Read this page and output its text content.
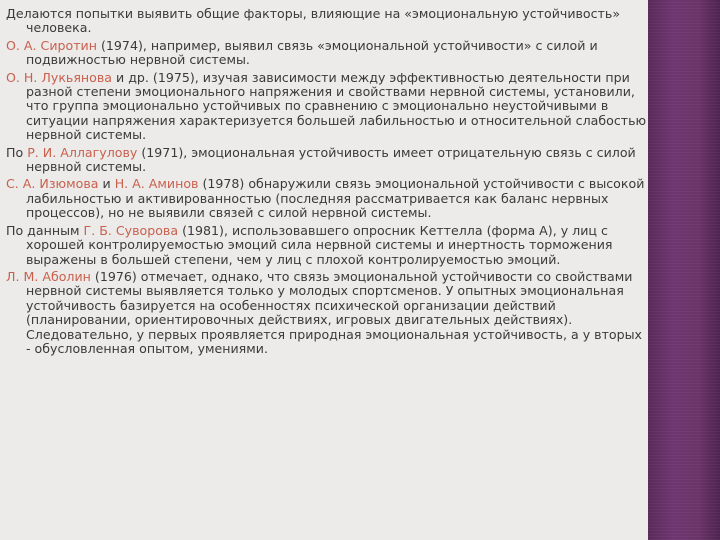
Делаются попытки выявить общие факторы, влияющие на «эмоциональную устойчивость» человека.

О. А. Сиротин (1974), например, выявил связь «эмоциональной устойчивости» с силой и подвижностью нервной системы.

О. Н. Лукьянова и др. (1975), изучая зависимости между эффективностью деятельности при разной степени эмоционального напряжения и свойствами нервной системы, установили, что группа эмоционально устойчивых по сравнению с эмоционально неустойчивыми в ситуации напряжения характеризуется большей лабильностью и относительной слабостью нервной системы.

По Р. И. Аллагулову (1971), эмоциональная устойчивость имеет отрицательную связь с силой нервной системы.

С. А. Изюмова и Н. А. Аминов (1978) обнаружили связь эмоциональной устойчивости с высокой лабильностью и активированностью (последняя рассматривается как баланс нервных процессов), но не выявили связей с силой нервной системы.

По данным Г. Б. Суворова (1981), использовавшего опросник Кеттелла (форма А), у лиц с хорошей контролируемостью эмоций сила нервной системы и инертность торможения выражены в большей степени, чем у лиц с плохой контролируемостью эмоций.

Л. М. Аболин (1976) отмечает, однако, что связь эмоциональной устойчивости со свойствами нервной системы выявляется только у молодых спортсменов. У опытных эмоциональная устойчивость базируется на особенностях психической организации действий (планировании, ориентировочных действиях, игровых двигательных действиях). Следовательно, у первых проявляется природная эмоциональная устойчивость, а у вторых - обусловленная опытом, умениями.
